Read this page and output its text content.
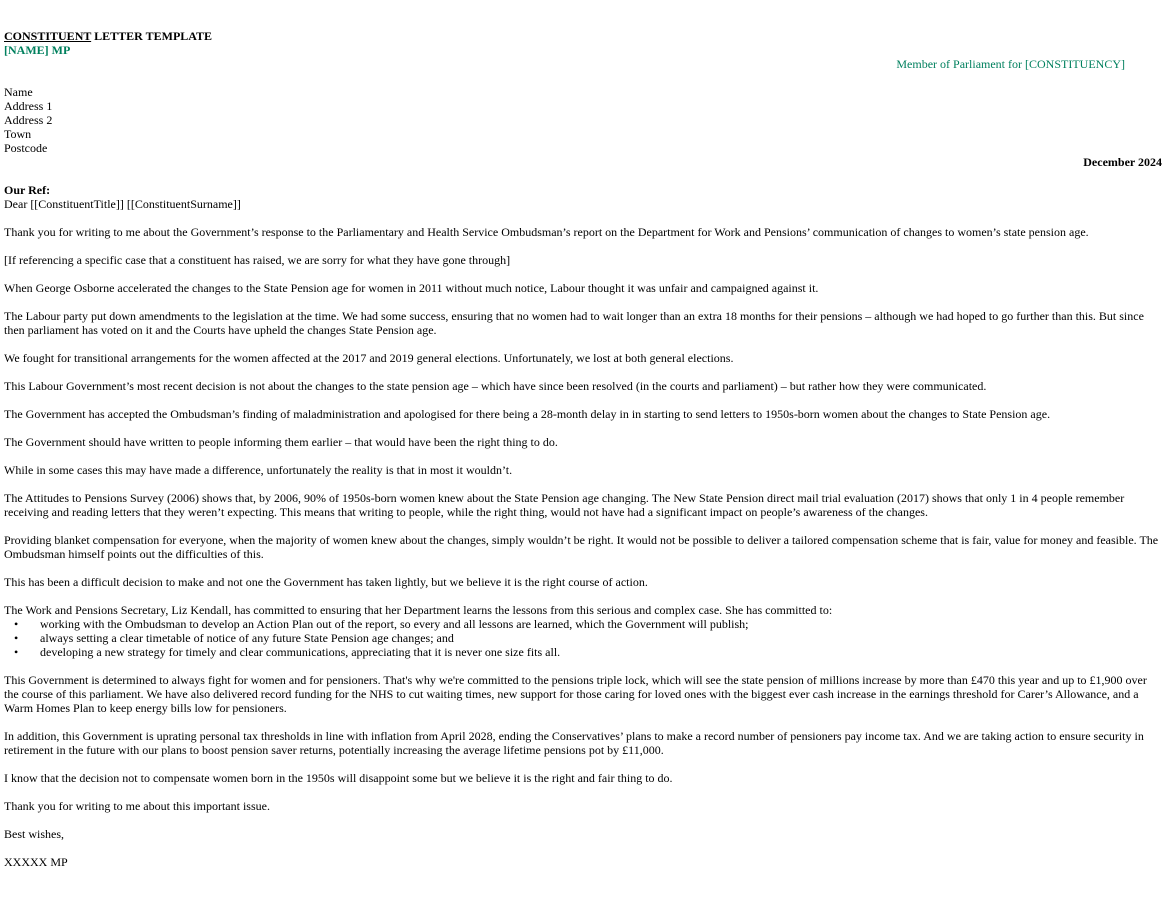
CONSTITUENT LETTER TEMPLATE
[NAME] MP
Member of Parliament for [CONSTITUENCY]
Name
Address 1
Address 2
Town
Postcode
December 2024
Our Ref:
Dear [[ConstituentTitle]] [[ConstituentSurname]]

Thank you for writing to me about the Government’s response to the Parliamentary and Health Service Ombudsman’s report on the Department for Work and Pensions’ communication of changes to women’s state pension age.

[If referencing a specific case that a constituent has raised, we are sorry for what they have gone through]

When George Osborne accelerated the changes to the State Pension age for women in 2011 without much notice, Labour thought it was unfair and campaigned against it.

The Labour party put down amendments to the legislation at the time. We had some success, ensuring that no women had to wait longer than an extra 18 months for their pensions – although we had hoped to go further than this. But since then parliament has voted on it and the Courts have upheld the changes State Pension age.

We fought for transitional arrangements for the women affected at the 2017 and 2019 general elections. Unfortunately, we lost at both general elections.

This Labour Government’s most recent decision is not about the changes to the state pension age – which have since been resolved (in the courts and parliament) – but rather how they were communicated.

The Government has accepted the Ombudsman’s finding of maladministration and apologised for there being a 28-month delay in in starting to send letters to 1950s-born women about the changes to State Pension age.

The Government should have written to people informing them earlier – that would have been the right thing to do.

While in some cases this may have made a difference, unfortunately the reality is that in most it wouldn’t.

The Attitudes to Pensions Survey (2006) shows that, by 2006, 90% of 1950s-born women knew about the State Pension age changing. The New State Pension direct mail trial evaluation (2017) shows that only 1 in 4 people remember receiving and reading letters that they weren’t expecting. This means that writing to people, while the right thing, would not have had a significant impact on people’s awareness of the changes.

Providing blanket compensation for everyone, when the majority of women knew about the changes, simply wouldn’t be right. It would not be possible to deliver a tailored compensation scheme that is fair, value for money and feasible. The Ombudsman himself points out the difficulties of this.

This has been a difficult decision to make and not one the Government has taken lightly, but we believe it is the right course of action.

The Work and Pensions Secretary, Liz Kendall, has committed to ensuring that her Department learns the lessons from this serious and complex case. She has committed to:

• working with the Ombudsman to develop an Action Plan out of the report, so every and all lessons are learned, which the Government will publish;
• always setting a clear timetable of notice of any future State Pension age changes; and
• developing a new strategy for timely and clear communications, appreciating that it is never one size fits all.

This Government is determined to always fight for women and for pensioners. That's why we're committed to the pensions triple lock, which will see the state pension of millions increase by more than £470 this year and up to £1,900 over the course of this parliament. We have also delivered record funding for the NHS to cut waiting times, new support for those caring for loved ones with the biggest ever cash increase in the earnings threshold for Carer’s Allowance, and a Warm Homes Plan to keep energy bills low for pensioners.

In addition, this Government is uprating personal tax thresholds in line with inflation from April 2028, ending the Conservatives’ plans to make a record number of pensioners pay income tax. And we are taking action to ensure security in retirement in the future with our plans to boost pension saver returns, potentially increasing the average lifetime pensions pot by £11,000.

I know that the decision not to compensate women born in the 1950s will disappoint some but we believe it is the right and fair thing to do.

Thank you for writing to me about this important issue.

Best wishes,

XXXXX MP
